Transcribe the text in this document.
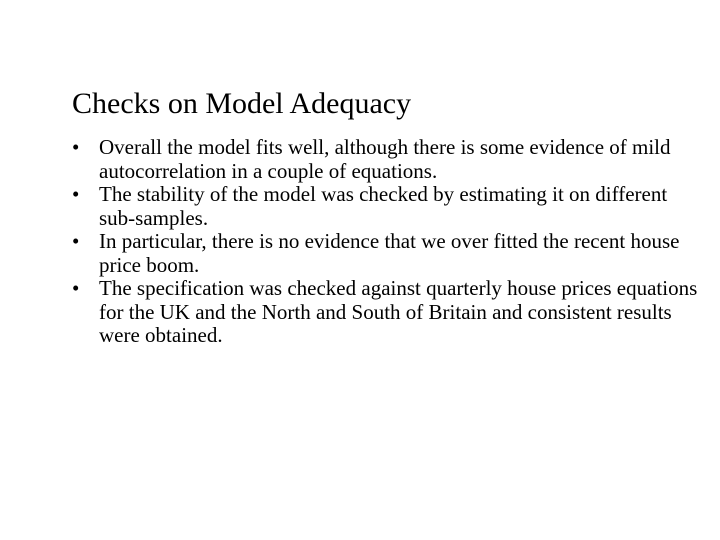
Checks on Model Adequacy
• Overall the model fits well, although there is some evidence of mild autocorrelation in a couple of equations.
• The stability of the model was checked by estimating it on different sub-samples.
• In particular, there is no evidence that we over fitted the recent house price boom.
• The specification was checked against quarterly house prices equations for the UK and the North and South of Britain and consistent results were obtained.
